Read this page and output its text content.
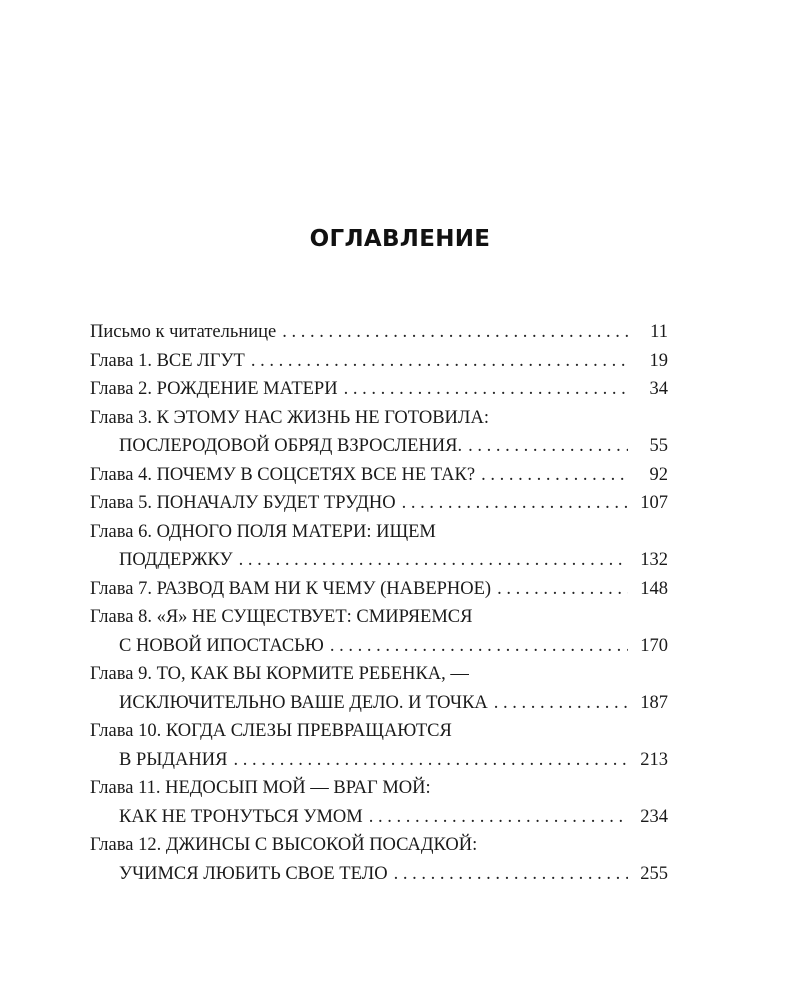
ОГЛАВЛЕНИЕ
Письмо к читательнице . . .	11
Глава 1. ВСЕ ЛГУТ . . .	19
Глава 2. РОЖДЕНИЕ МАТЕРИ . . .	34
Глава 3. К ЭТОМУ НАС ЖИЗНЬ НЕ ГОТОВИЛА:
ПОСЛЕРОДОВОЙ ОБРЯД ВЗРОСЛЕНИЯ. . . .	55
Глава 4. ПОЧЕМУ В СОЦСЕТЯХ ВСЕ НЕ ТАК? . . .	92
Глава 5. ПОНАЧАЛУ БУДЕТ ТРУДНО . . .	107
Глава 6. ОДНОГО ПОЛЯ МАТЕРИ: ИЩЕМ
ПОДДЕРЖКУ . . .	132
Глава 7. РАЗВОД ВАМ НИ К ЧЕМУ (НАВЕРНОЕ) . . .	148
Глава 8. «Я» НЕ СУЩЕСТВУЕТ: СМИРЯЕМСЯ
С НОВОЙ ИПОСТАСЬЮ . . .	170
Глава 9. ТО, КАК ВЫ КОРМИТЕ РЕБЕНКА, —
ИСКЛЮЧИТЕЛЬНО ВАШЕ ДЕЛО. И ТОЧКА . . .	187
Глава 10. КОГДА СЛЕЗЫ ПРЕВРАЩАЮТСЯ
В РЫДАНИЯ . . .	213
Глава 11. НЕДОСЫП МОЙ — ВРАГ МОЙ:
КАК НЕ ТРОНУТЬСЯ УМОМ . . .	234
Глава 12. ДЖИНСЫ С ВЫСОКОЙ ПОСАДКОЙ:
УЧИМСЯ ЛЮБИТЬ СВОЕ ТЕЛО . . .	255
